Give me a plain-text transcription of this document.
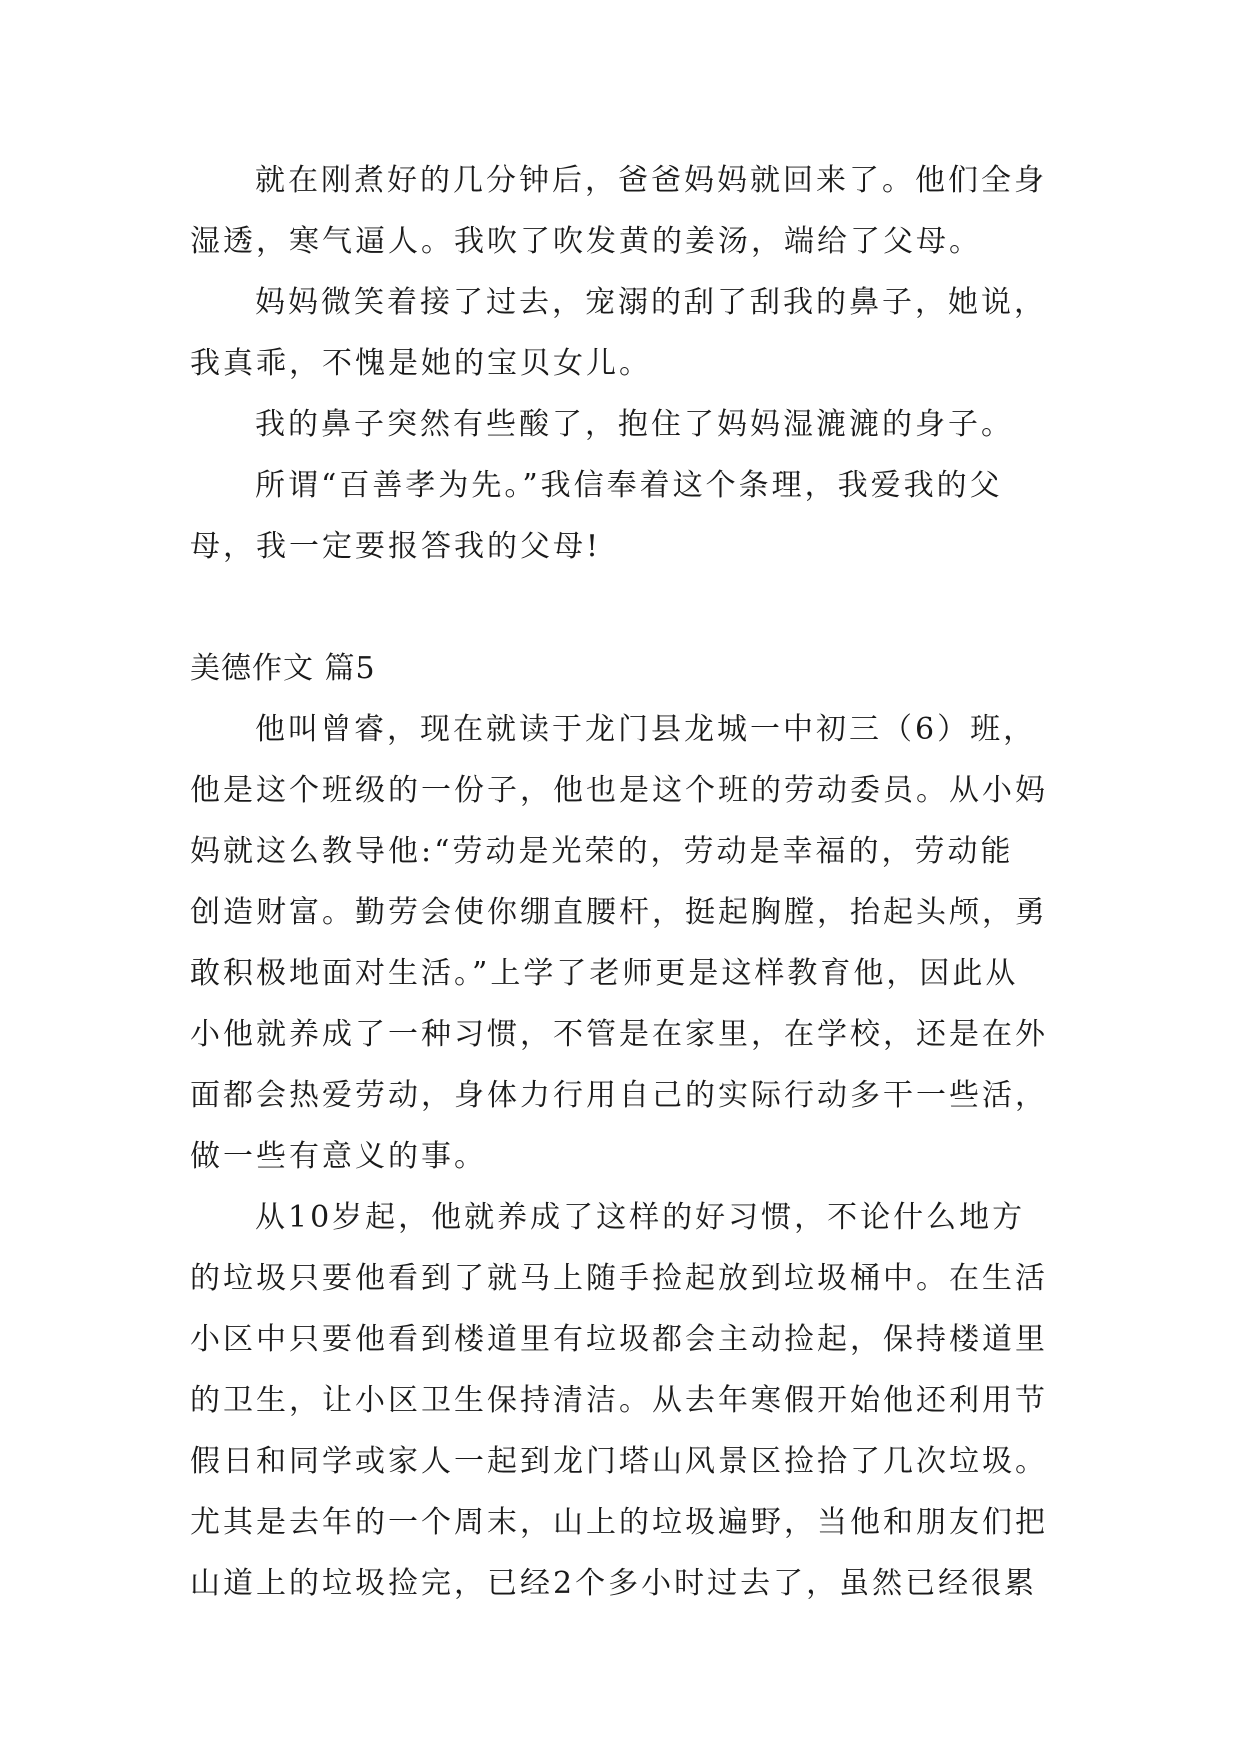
就在刚煮好的几分钟后，爸爸妈妈就回来了。他们全身
湿透，寒气逼人。我吹了吹发黄的姜汤，端给了父母。
妈妈微笑着接了过去，宠溺的刮了刮我的鼻子，她说，
我真乖，不愧是她的宝贝女儿。
我的鼻子突然有些酸了，抱住了妈妈湿漉漉的身子。
所谓“百善孝为先。”我信奉着这个条理，我爱我的父
母，我一定要报答我的父母!
美德作文 篇5
他叫曾睿，现在就读于龙门县龙城一中初三（6）班，
他是这个班级的一份子，他也是这个班的劳动委员。从小妈
妈就这么教导他:“劳动是光荣的，劳动是幸福的，劳动能
创造财富。勤劳会使你绷直腰杆，挺起胸膛，抬起头颅，勇
敢积极地面对生活。”上学了老师更是这样教育他，因此从
小他就养成了一种习惯，不管是在家里，在学校，还是在外
面都会热爱劳动，身体力行用自己的实际行动多干一些活，
做一些有意义的事。
从10岁起，他就养成了这样的好习惯，不论什么地方
的垃圾只要他看到了就马上随手捡起放到垃圾桶中。在生活
小区中只要他看到楼道里有垃圾都会主动捡起，保持楼道里
的卫生，让小区卫生保持清洁。从去年寒假开始他还利用节
假日和同学或家人一起到龙门塔山风景区捡拾了几次垃圾。
尤其是去年的一个周末，山上的垃圾遍野，当他和朋友们把
山道上的垃圾捡完，已经2个多小时过去了，虽然已经很累
